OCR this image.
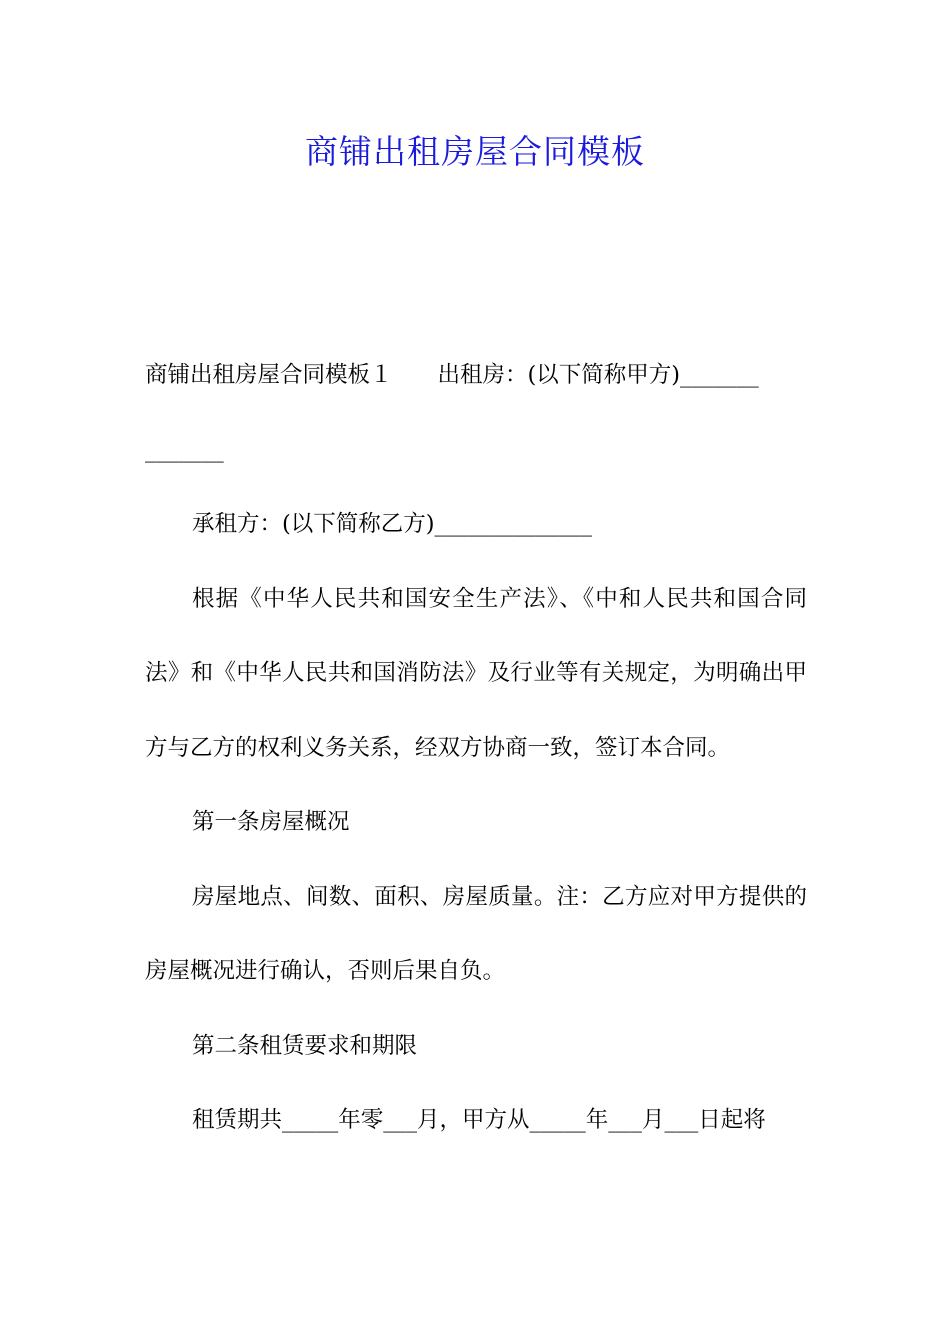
商铺出租房屋合同模板

商铺出租房屋合同模板１　　出租房：(以下简称甲方)_______
_______

承租方：(以下简称乙方)______________

根据《中华人民共和国安全生产法》、《中和人民共和国合同法》和《中华人民共和国消防法》及行业等有关规定，为明确出甲方与乙方的权利义务关系，经双方协商一致，签订本合同。

第一条房屋概况

房屋地点、间数、面积、房屋质量。注：乙方应对甲方提供的房屋概况进行确认，否则后果自负。

第二条租赁要求和期限

租赁期共_____年零___月，甲方从_____年___月___日起将
